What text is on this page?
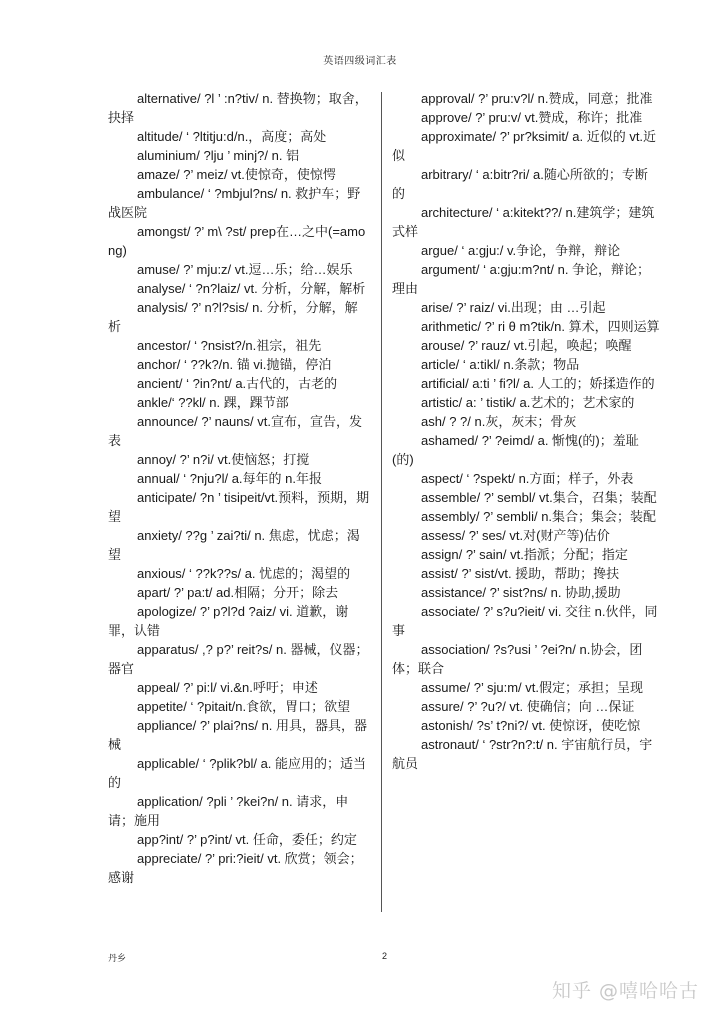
英语四级词汇表

alternative/ ?l ’ :n?tiv/ n. 替换物；取舍，抉择

altitude/ ‘ ?ltitju:d/n.，高度；高处

aluminium/ ?lju ’ minj?/ n. 铝

amaze/ ?’ meiz/ vt.使惊奇，使惊愕

ambulance/ ‘ ?mbjul?ns/ n. 救护车；野战医院

amongst/ ?’ m\ ?st/ prep在…之中(=among)

amuse/ ?’ mju:z/ vt.逗…乐；给…娱乐

analyse/ ‘ ?n?laiz/ vt. 分析，分解，解析

analysis/ ?’ n?l?sis/ n. 分析，分解，解析

ancestor/ ‘ ?nsist?/n.祖宗，祖先

anchor/ ‘ ??k?/n. 锚 vi.抛锚，停泊

ancient/ ‘ ?in?nt/ a.古代的，古老的

ankle/‘ ??kl/ n. 踝，踝节部

announce/ ?’ nauns/ vt.宣布，宣告，发表

annoy/ ?’ n?i/ vt.使恼怒；打搅

annual/ ‘ ?nju?l/ a.每年的 n.年报

anticipate/ ?n ’ tisipeit/vt.预料，预期，期望

anxiety/ ??g ’ zai?ti/ n. 焦虑，忧虑；渴望

anxious/ ‘ ??k??s/ a. 忧虑的；渴望的

apart/ ?’ pa:t/ ad.相隔；分开；除去

apologize/ ?’ p?l?d ?aiz/ vi. 道歉，谢罪，认错

apparatus/ ,? p?’ reit?s/ n. 器械，仪器；器官

appeal/ ?’ pi:l/ vi.&n.呼吁；申述

appetite/ ‘ ?pitait/n.食欲，胃口；欲望

appliance/ ?’ plai?ns/ n. 用具，器具，器械

applicable/ ‘ ?plik?bl/ a. 能应用的；适当的

application/ ?pli ’ ?kei?n/ n. 请求，申请；施用

app?int/ ?’ p?int/ vt. 任命，委任；约定

appreciate/ ?’ pri:?ieit/ vt. 欣赏；领会；感谢

approval/ ?’ pru:v?l/ n.赞成，同意；批准

approve/ ?’ pru:v/ vt.赞成，称许；批准

approximate/ ?’ pr?ksimit/ a. 近似的 vt.近似

arbitrary/ ‘ a:bitr?ri/ a.随心所欲的；专断的

architecture/ ‘ a:kitekt??/ n.建筑学；建筑式样

argue/ ‘ a:gju:/ v.争论，争辩，辩论

argument/ ‘ a:gju:m?nt/ n. 争论，辩论；理由

arise/ ?’ raiz/ vi.出现；由 …引起

arithmetic/ ?’ ri θ m?tik/n. 算术，四则运算

arouse/ ?’ rauz/ vt.引起，唤起；唤醒

article/ ‘ a:tikl/ n.条款；物品

artificial/ a:ti ’ fi?l/ a. 人工的；娇揉造作的

artistic/ a: ’ tistik/ a.艺术的；艺术家的

ash/ ? ?/ n.灰，灰末；骨灰

ashamed/ ?’ ?eimd/ a. 惭愧(的)；羞耻(的)

aspect/ ‘ ?spekt/ n.方面；样子，外表

assemble/ ?’ sembl/ vt.集合，召集；装配

assembly/ ?’ sembli/ n.集合；集会；装配

assess/ ?’ ses/ vt.对(财产等)估价

assign/ ?’ sain/ vt.指派；分配；指定

assist/ ?’ sist/vt. 援助，帮助；搀扶

assistance/ ?’ sist?ns/ n. 协助,援助

associate/ ?’ s?u?ieit/ vi. 交往 n.伙伴，同事

association/ ?s?usi ’ ?ei?n/ n.协会，团体；联合

assume/ ?’ sju:m/ vt.假定；承担；呈现

assure/ ?’ ?u?/ vt. 使确信；向 …保证

astonish/ ?s’ t?ni?/ vt. 使惊讶，使吃惊

astronaut/ ‘ ?str?n?:t/ n. 宇宙航行员，宇航员

丹乡	2
知乎 @嘻哈哈古
